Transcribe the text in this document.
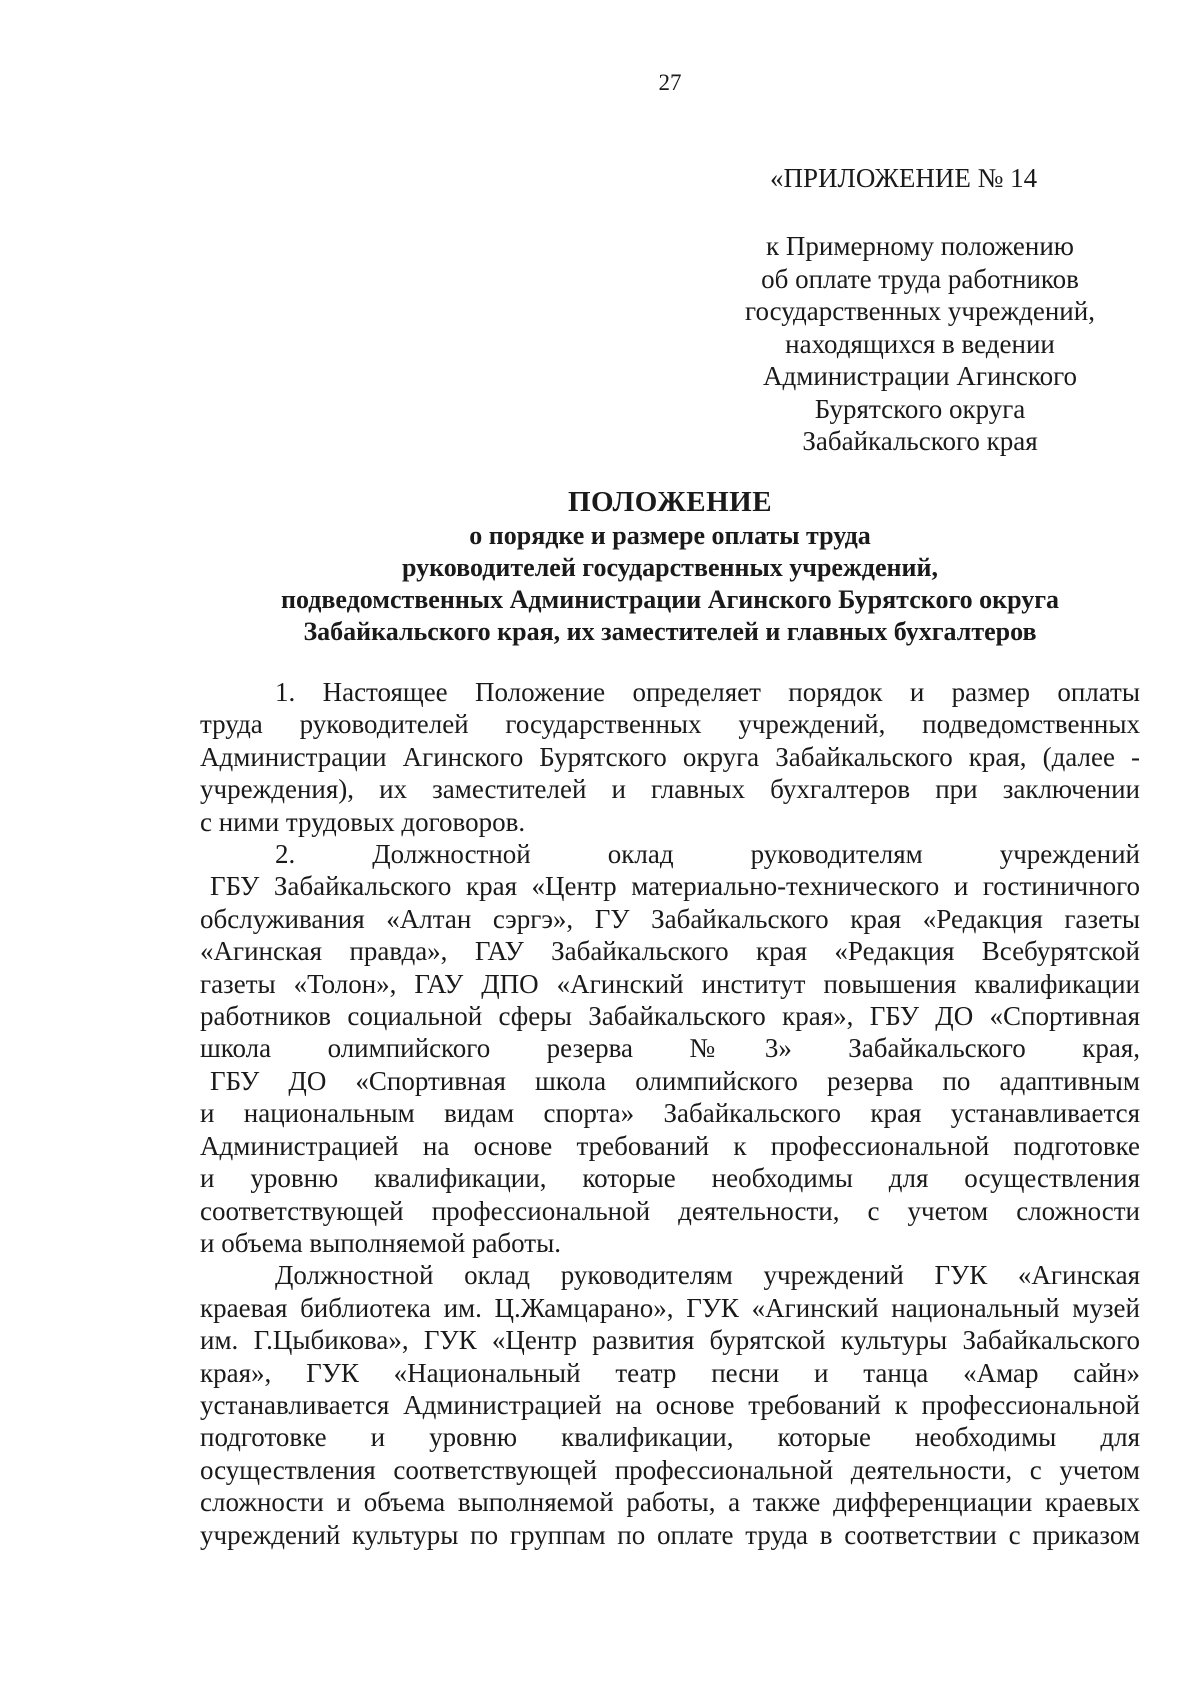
27
«ПРИЛОЖЕНИЕ № 14
к Примерному положению
об оплате труда работников
государственных учреждений,
находящихся в ведении
Администрации Агинского
Бурятского округа
Забайкальского края
ПОЛОЖЕНИЕ
о порядке и размере оплаты труда
руководителей государственных учреждений,
подведомственных Администрации Агинского Бурятского округа
Забайкальского края, их заместителей и главных бухгалтеров

1. Настоящее Положение определяет порядок и размер оплаты

труда руководителей государственных учреждений, подведомственных

Администрации Агинского Бурятского округа Забайкальского края, (далее -

учреждения), их заместителей и главных бухгалтеров при заключении

с ними трудовых договоров.

2. Должностной оклад руководителям учреждений

ГБУ Забайкальского края «Центр материально-технического и гостиничного

обслуживания «Алтан сэргэ», ГУ Забайкальского края «Редакция газеты

«Агинская правда», ГАУ Забайкальского края «Редакция Всебурятской

газеты «Толон», ГАУ ДПО «Агинский институт повышения квалификации

работников социальной сферы Забайкальского края», ГБУ ДО «Спортивная

школа олимпийского резерва №3» Забайкальского края,

ГБУ ДО «Спортивная школа олимпийского резерва по адаптивным

и национальным видам спорта» Забайкальского края устанавливается

Администрацией на основе требований к профессиональной подготовке

и уровню квалификации, которые необходимы для осуществления

соответствующей профессиональной деятельности, с учетом сложности

и объема выполняемой работы.

Должностной оклад руководителям учреждений ГУК «Агинская

краевая библиотека им. Ц.Жамцарано», ГУК «Агинский национальный музей

им. Г.Цыбикова», ГУК «Центр развития бурятской культуры Забайкальского

края», ГУК «Национальный театр песни и танца «Амар сайн»

устанавливается Администрацией на основе требований к профессиональной

подготовке и уровню квалификации, которые необходимы для

осуществления соответствующей профессиональной деятельности, с учетом

сложности и объема выполняемой работы, а также дифференциации краевых

учреждений культуры по группам по оплате труда в соответствии с приказом
